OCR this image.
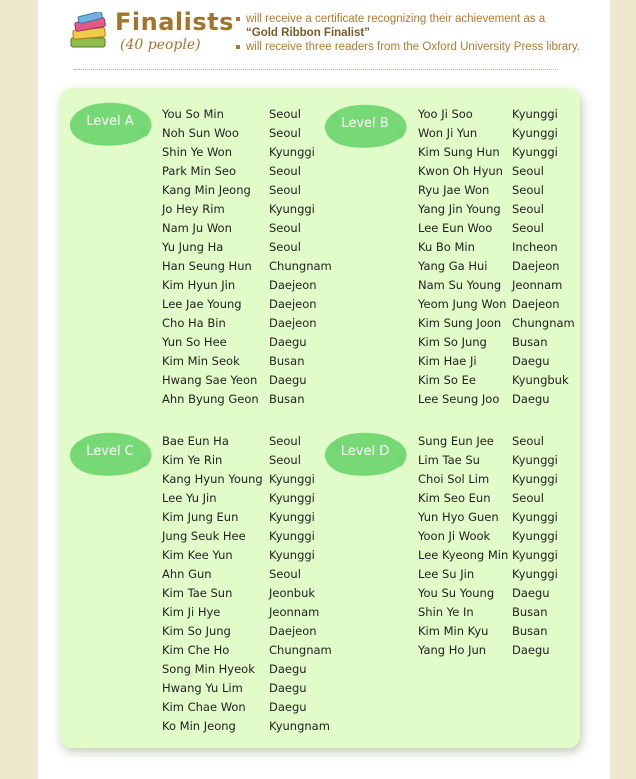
Finalists
(40 people)
will receive a certificate recognizing their achievement as a
“Gold Ribbon Finalist”
will receive three readers from the Oxford University Press library.
Level A	You So Min	Seoul
Noh Sun Woo	Seoul
Shin Ye Won	Kyunggi
Park Min Seo	Seoul
Kang Min Jeong Seoul
Jo Hey Rim	Kyunggi
Nam Ju Won	Seoul
Yu Jung Ha	Seoul
Han Seung Hun Chungnam
Kim Hyun Jin	Daejeon
Lee Jae Young Daejeon
Cho Ha Bin	Daejeon
Yun So Hee	Daegu
Kim Min Seok	Busan
Hwang Sae Yeon Daegu
Ahn Byung Geon Busan
Level B
Yoo Ji Soo	Kyunggi
Won Ji Yun	Kyunggi
Kim Sung Hun Kyunggi
Kwon Oh Hyun Seoul
Ryu Jae Won Seoul
Yang Jin Young Seoul
Lee Eun Woo Seoul
Ku Bo Min	Incheon
Yang Ga Hui Daejeon
Nam Su Young Jeonnam
Yeom Jung Won Daejeon
Kim Sung Joon Chungnam
Kim So Jung Busan
Kim Hae Ji	Daegu
Kim So Ee	Kyungbuk
Lee Seung Joo Daegu
Level C
Bae Eun Ha	Seoul
Kim Ye Rin	Seoul
Kang Hyun Young Kyunggi
Lee Yu Jin	Kyunggi
Kim Jung Eun	Kyunggi
Jung Seuk Hee Kyunggi
Kim Kee Yun	Kyunggi
Ahn Gun	Seoul
Kim Tae Sun	Jeonbuk
Kim Ji Hye	Jeonnam
Kim So Jung	Daejeon
Kim Che Ho	Chungnam
Song Min Hyeok Daegu
Hwang Yu Lim Daegu
Kim Chae Won Daegu
Ko Min Jeong	Kyungnam
Level D
Sung Eun Jee Seoul
Lim Tae Su	Kyunggi
Choi Sol Lim Kyunggi
Kim Seo Eun Seoul
Yun Hyo Guen Kyunggi
Yoon Ji Wook Kyunggi
Lee Kyeong Min Kyunggi
Lee Su Jin	Kyunggi
You Su Young Daegu
Shin Ye In	Busan
Kim Min Kyu Busan
Yang Ho Jun Daegu
